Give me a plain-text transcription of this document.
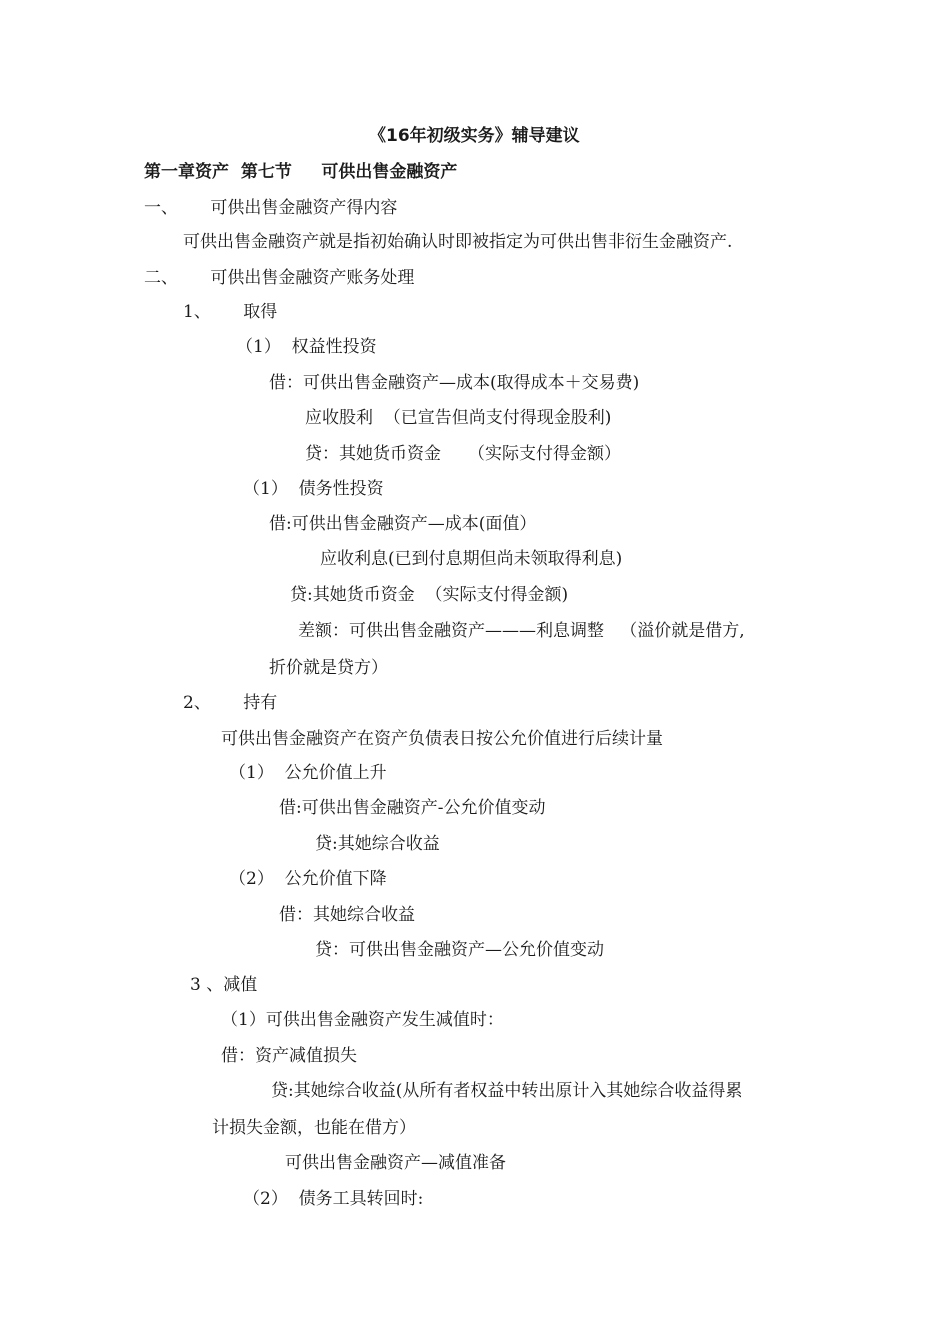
《16年初级实务》辅导建议
第一章资产  第七节     可供出售金融资产
一、      可供出售金融资产得内容
可供出售金融资产就是指初始确认时即被指定为可供出售非衍生金融资产.
二、      可供出售金融资产账务处理
1、      取得
（1）  权益性投资
借：可供出售金融资产—成本(取得成本＋交易费)
应收股利  （已宣告但尚支付得现金股利)
贷：其她货币资金     （实际支付得金额）
（1）  债务性投资
借:可供出售金融资产—成本(面值）
应收利息(已到付息期但尚未领取得利息)
贷:其她货币资金  （实际支付得金额)
差额：可供出售金融资产———利息调整   （溢价就是借方,
折价就是贷方）
2、      持有
可供出售金融资产在资产负债表日按公允价值进行后续计量
（1）  公允价值上升
借:可供出售金融资产-公允价值变动
贷:其她综合收益
（2）  公允价值下降
借：其她综合收益
贷：可供出售金融资产—公允价值变动
3 、减值
（1）可供出售金融资产发生减值时：
借：资产减值损失
贷:其她综合收益(从所有者权益中转出原计入其她综合收益得累
计损失金额，也能在借方）
可供出售金融资产—减值准备
（2）  债务工具转回时:
